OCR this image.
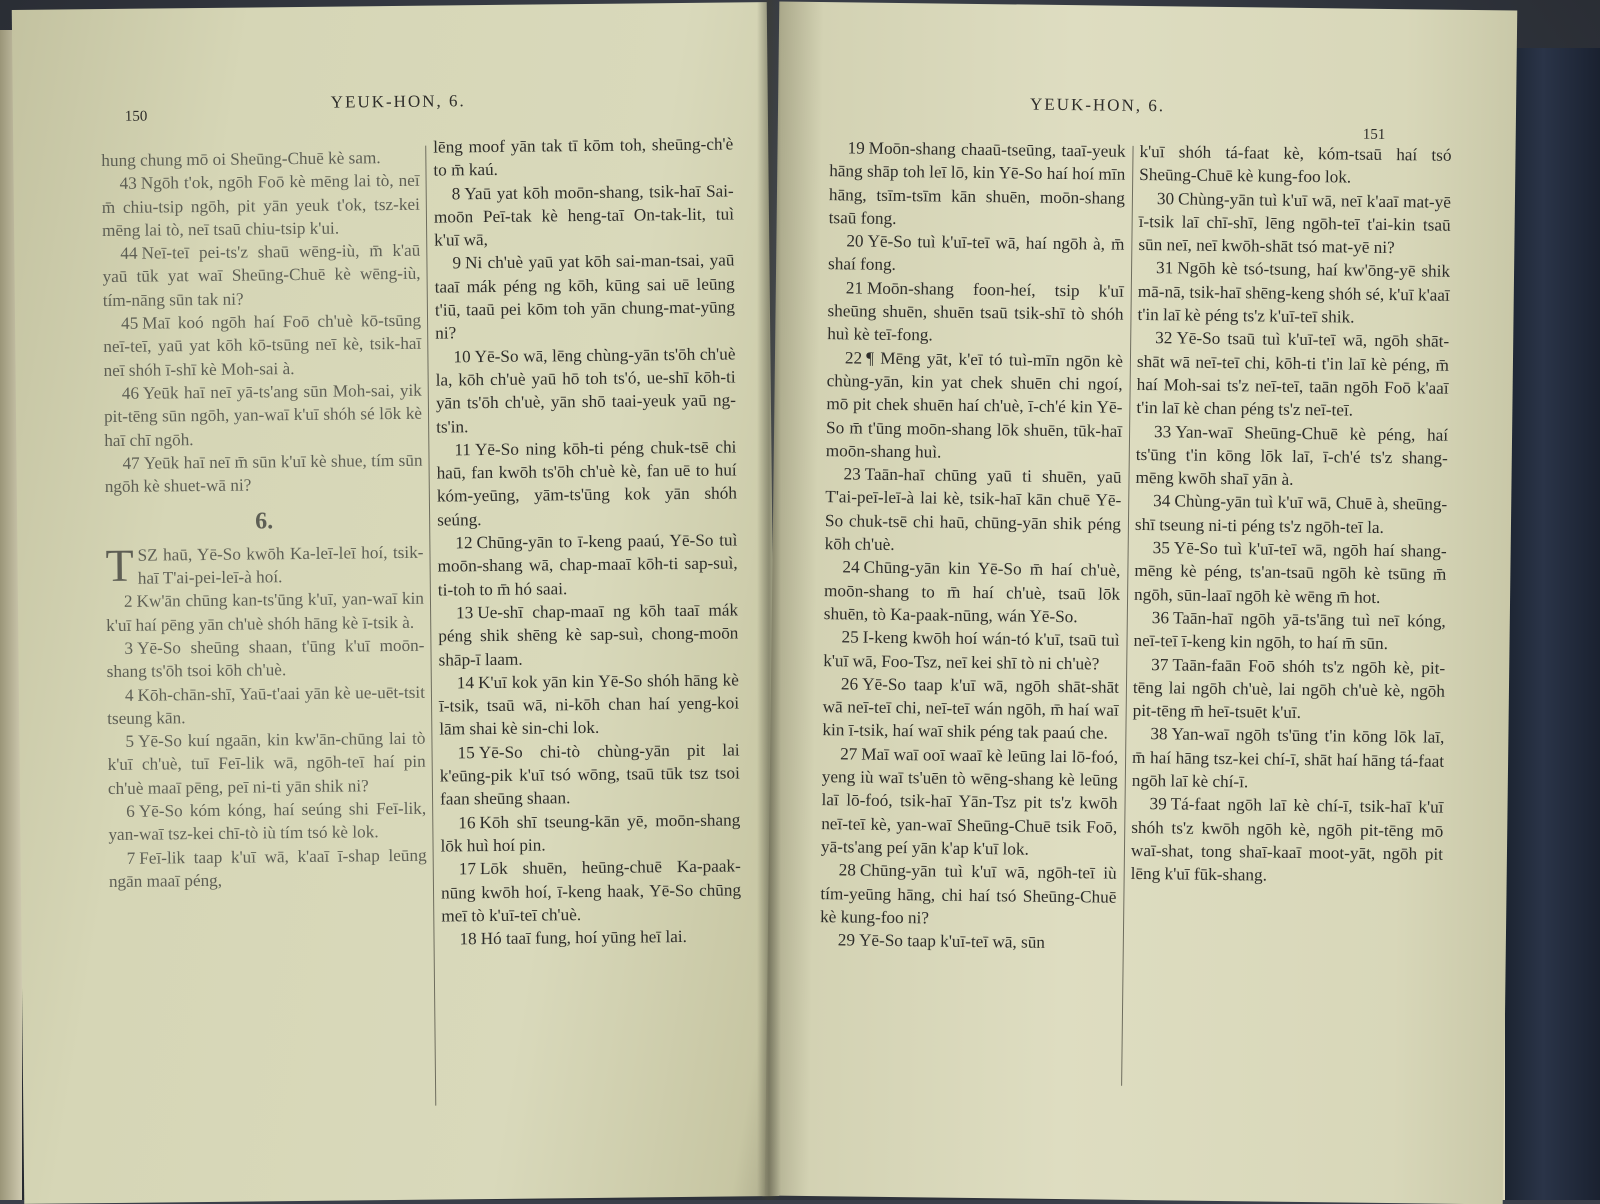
150
YEUK-HON, 6.

hung chung mō oi Sheūng-Chuē kè sam.

43 Ngōh t'ok, ngōh Foō kè mēng lai tò, neī m̄ chiu-tsip ngōh, pit yān yeuk t'ok, tsz-kei mēng lai tò, neī tsaū chiu-tsip k'ui.

44 Neī-teī pei-ts'z shaū wēng-iù, m̄ k'aū yaū tūk yat waī Sheūng-Chuē kè wēng-iù, tím-nāng sūn tak ni?

45 Maī koó ngōh haí Foō ch'uè kō-tsūng neī-teī, yaū yat kōh kō-tsūng neī kè, tsik-haī neī shóh ī-shī kè Moh-sai à.

46 Yeūk haī neī yā-ts'ang sūn Moh-sai, yik pit-tēng sūn ngōh, yan-waī k'uī shóh sé lōk kè haī chī ngōh.

47 Yeūk haī neī m̄ sūn k'uī kè shue, tím sūn ngōh kè shuet-wā ni?

6.

TSZ haū, Yē-So kwōh Ka-leī-leī hoí, tsik-haī T'ai-pei-leī-à hoí.

2 Kw'ān chūng kan-ts'ūng k'uī, yan-waī kin k'uī haí pēng yān ch'uè shóh hāng kè ī-tsik à.

3 Yē-So sheūng shaan, t'ūng k'uī moōn-shang ts'ōh tsoi kōh ch'uè.

4 Kōh-chān-shī, Yaū-t'aai yān kè ue-uēt-tsit tseung kān.

5 Yē-So kuí ngaān, kin kw'ān-chūng lai tò k'uī ch'uè, tuī Feī-lik wā, ngōh-teī haí pin ch'uè maaī pēng, peī ni-ti yān shik ni?

6 Yē-So kóm kóng, haí seúng shi Feī-lik, yan-waī tsz-kei chī-tò iù tím tsó kè lok.

7 Feī-lik taap k'uī wā, k'aaī ī-shap leūng ngān maaī péng,

lēng moof yān tak tī kōm toh, sheūng-ch'è to m̄ kaú.

8 Yaū yat kōh moōn-shang, tsik-haī Sai-moōn Peī-tak kè heng-taī On-tak-lit, tuì k'uī wā,

9 Ni ch'uè yaū yat kōh sai-man-tsai, yaū taaī mák péng ng kōh, kūng sai uē leūng t'iū, taaū pei kōm toh yān chung-mat-yūng ni?

10 Yē-So wā, lēng chùng-yān ts'ōh ch'uè la, kōh ch'uè yaū hō toh ts'ó, ue-shī kōh-ti yān ts'ōh ch'uè, yān shō taai-yeuk yaū ng-ts'in.

11 Yē-So ning kōh-ti péng chuk-tsē chi haū, fan kwōh ts'ōh ch'uè kè, fan uē to huí kóm-yeūng, yām-ts'ūng kok yān shóh seúng.

12 Chūng-yān to ī-keng paaú, Yē-So tuì moōn-shang wā, chap-maaī kōh-ti sap-suì, ti-toh to m̄ hó saai.

13 Ue-shī chap-maaī ng kōh taaī mák péng shik shēng kè sap-suì, chong-moōn shāp-ī laam.

14 K'uī kok yān kin Yē-So shóh hāng kè ī-tsik, tsaū wā, ni-kōh chan haí yeng-koi lām shai kè sin-chi lok.

15 Yē-So chi-tò chùng-yān pit lai k'eūng-pik k'uī tsó wōng, tsaū tūk tsz tsoi faan sheūng shaan.

16 Kōh shī tseung-kān yē, moōn-shang lōk huì hoí pin.

17 Lōk shuēn, heūng-chuē Ka-paak-nūng kwōh hoí, ī-keng haak, Yē-So chūng meī tò k'uī-teī ch'uè.

18 Hó taaī fung, hoí yūng heī lai.

YEUK-HON, 6.
151

19 Moōn-shang chaaū-tseūng, taaī-yeuk hāng shāp toh leī lō, kin Yē-So haí hoí mīn hāng, tsīm-tsīm kān shuēn, moōn-shang tsaū fong.

20 Yē-So tuì k'uī-teī wā, haí ngōh à, m̄ shaí fong.

21 Moōn-shang foon-heí, tsip k'uī sheūng shuēn, shuēn tsaū tsik-shī tò shóh huì kè teī-fong.

22 ¶ Mēng yāt, k'eī tó tuì-mīn ngōn kè chùng-yān, kin yat chek shuēn chi ngoí, mō pit chek shuēn haí ch'uè, ī-ch'é kin Yē-So m̄ t'ūng moōn-shang lōk shuēn, tūk-haī moōn-shang huì.

23 Taān-haī chūng yaū ti shuēn, yaū T'ai-peī-leī-à lai kè, tsik-haī kān chuē Yē-So chuk-tsē chi haū, chūng-yān shik péng kōh ch'uè.

24 Chūng-yān kin Yē-So m̄ haí ch'uè, moōn-shang to m̄ haí ch'uè, tsaū lōk shuēn, tò Ka-paak-nūng, wán Yē-So.

25 I-keng kwōh hoí wán-tó k'uī, tsaū tuì k'uī wā, Foo-Tsz, neī kei shī tò ni ch'uè?

26 Yē-So taap k'uī wā, ngōh shāt-shāt wā neī-teī chi, neī-teī wán ngōh, m̄ haí waī kin ī-tsik, haí waī shik péng tak paaú che.

27 Maī waī ooī waaī kè leūng lai lō-foó, yeng iù waī ts'uēn tò wēng-shang kè leūng laī lō-foó, tsik-haī Yān-Tsz pit ts'z kwōh neī-teī kè, yan-waī Sheūng-Chuē tsik Foō, yā-ts'ang peí yān k'ap k'uī lok.

28 Chūng-yān tuì k'uī wā, ngōh-teī iù tím-yeūng hāng, chi haí tsó Sheūng-Chuē kè kung-foo ni?

29 Yē-So taap k'uī-teī wā, sūn

k'uī shóh tá-faat kè, kóm-tsaū haí tsó Sheūng-Chuē kè kung-foo lok.

30 Chùng-yān tuì k'uī wā, neī k'aaī mat-yē ī-tsik laī chī-shī, lēng ngōh-teī t'ai-kin tsaū sūn neī, neī kwōh-shāt tsó mat-yē ni?

31 Ngōh kè tsó-tsung, haí kw'ōng-yē shik mā-nā, tsik-haī shēng-keng shóh sé, k'uī k'aaī t'in laī kè péng ts'z k'uī-teī shik.

32 Yē-So tsaū tuì k'uī-teī wā, ngōh shāt-shāt wā neī-teī chi, kōh-ti t'in laī kè péng, m̄ haí Moh-sai ts'z neī-teī, taān ngōh Foō k'aaī t'in laī kè chan péng ts'z neī-teī.

33 Yan-waī Sheūng-Chuē kè péng, haí ts'ūng t'in kōng lōk laī, ī-ch'é ts'z shang-mēng kwōh shaī yān à.

34 Chùng-yān tuì k'uī wā, Chuē à, sheūng-shī tseung ni-ti péng ts'z ngōh-teī la.

35 Yē-So tuì k'uī-teī wā, ngōh haí shang-mēng kè péng, ts'an-tsaū ngōh kè tsūng m̄ ngōh, sūn-laaī ngōh kè wēng m̄ hot.

36 Taān-haī ngōh yā-ts'āng tuì neī kóng, neī-teī ī-keng kin ngōh, to haí m̄ sūn.

37 Taān-faān Foō shóh ts'z ngōh kè, pit-tēng lai ngōh ch'uè, lai ngōh ch'uè kè, ngōh pit-tēng m̄ heī-tsuēt k'uī.

38 Yan-waī ngōh ts'ūng t'in kōng lōk laī, m̄ haí hāng tsz-kei chí-ī, shāt haí hāng tá-faat ngōh laī kè chí-ī.

39 Tá-faat ngōh laī kè chí-ī, tsik-haī k'uī shóh ts'z kwōh ngōh kè, ngōh pit-tēng mō waī-shat, tong shaī-kaaī moot-yāt, ngōh pit lēng k'uī fūk-shang.
